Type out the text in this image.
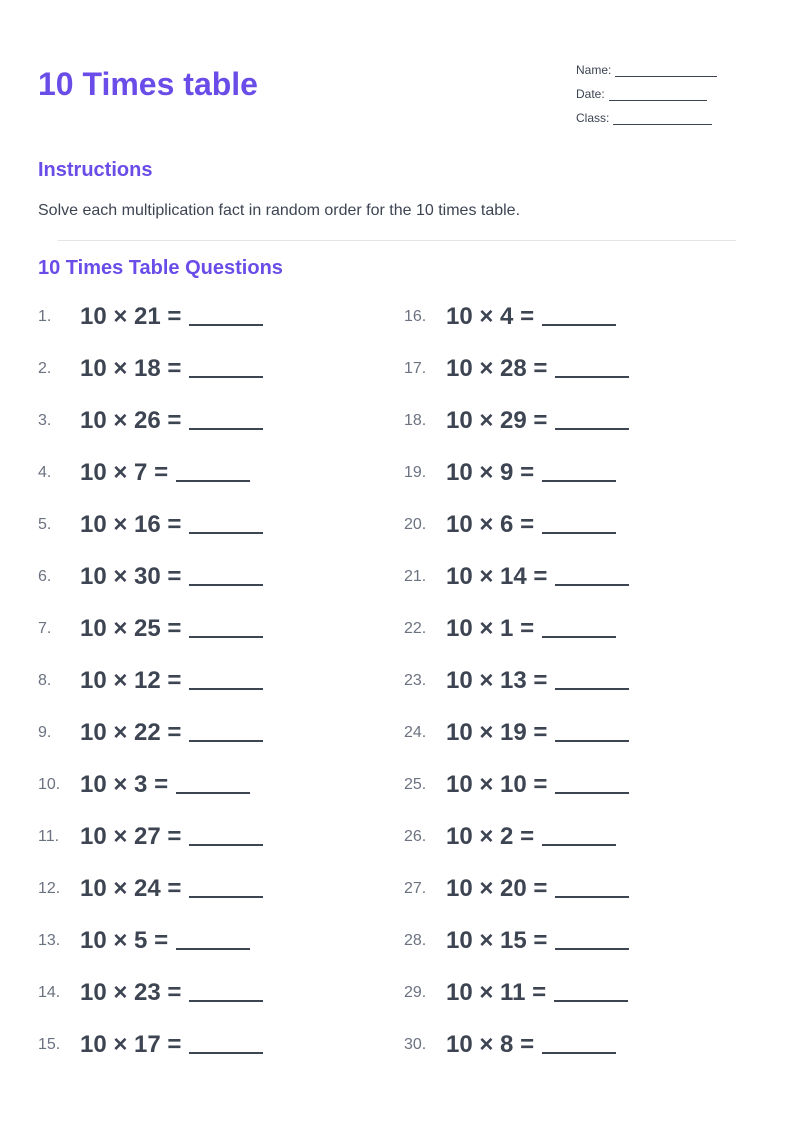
10 Times table	Name:
Date:
Class:
Instructions

Solve each multiplication fact in random order for the 10 times table.

10 Times Table Questions
1.	10 × 21 =
2.	10 × 18 =
3.	10 × 26 =
4.	10 × 7 =
5.	10 × 16 =
6.	10 × 30 =
7.	10 × 25 =
8.	10 × 12 =
9.	10 × 22 =
10. 10 × 3 =
11. 10 × 27 =
12. 10 × 24 =
13. 10 × 5 =
14. 10 × 23 =
15. 10 × 17 =
16. 10 × 4 =
17. 10 × 28 =
18. 10 × 29 =
19. 10 × 9 =
20. 10 × 6 =
21. 10 × 14 =
22. 10 × 1 =
23. 10 × 13 =
24. 10 × 19 =
25. 10 × 10 =
26. 10 × 2 =
27. 10 × 20 =
28. 10 × 15 =
29. 10 × 11 =
30. 10 × 8 =
